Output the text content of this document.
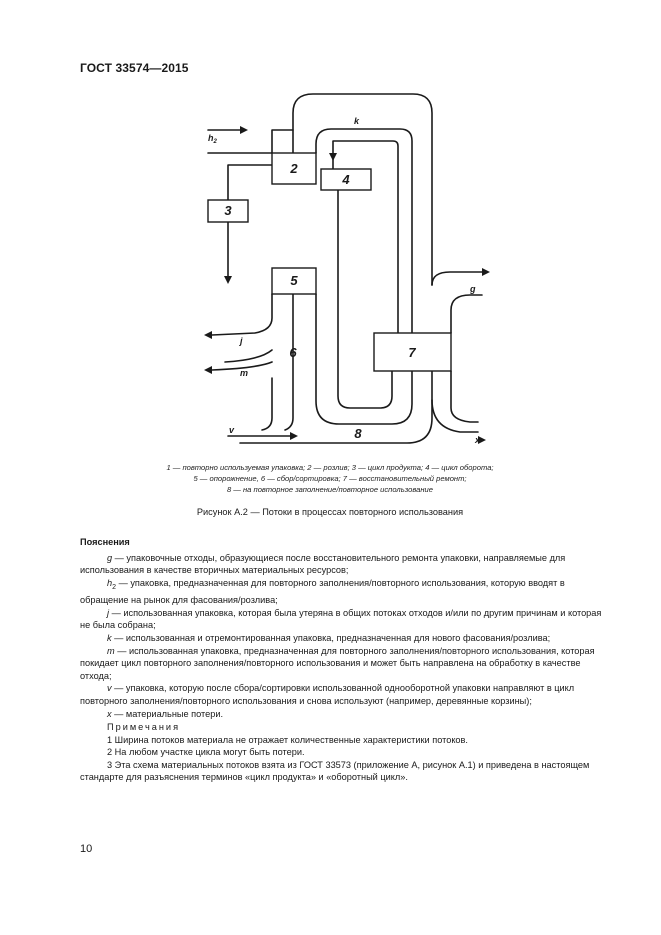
ГОСТ 33574—2015
2
3
4
5
7
6
8
k
$h_2$
g
j
m
v
x
1 — повторно используемая упаковка; 2 — розлив; 3 — цикл продукта; 4 — цикл оборота;
5 — опорожнение, 6 — сбор/сортировка; 7 — восстановительный ремонт;
8 — на повторное заполнение/повторное использование
Рисунок А.2 — Потоки в процессах повторного использования

Пояснения

g — упаковочные отходы, образующиеся после восстановительного ремонта упаковки, направляемые для использования в качестве вторичных материальных ресурсов;

$h_2$ — упаковка, предназначенная для повторного заполнения/повторного использования, которую вводят в обращение на рынок для фасования/розлива;

j — использованная упаковка, которая была утеряна в общих потоках отходов и/или по другим причинам и которая не была собрана;

k — использованная и отремонтированная упаковка, предназначенная для нового фасования/розлива;

m — использованная упаковка, предназначенная для повторного заполнения/повторного использования, которая покидает цикл повторного заполнения/повторного использования и может быть направлена на обработку в качестве отхода;

v — упаковка, которую после сбора/сортировки использованной одноoборотной упаковки направляют в цикл повторного заполнения/повторного использования и снова используют (например, деревянные корзины);

x — материальные потери.

Примечания

1 Ширина потоков материала не отражает количественные характеристики потоков.

2 На любом участке цикла могут быть потери.

3 Эта схема материальных потоков взята из ГОСТ 33573 (приложение А, рисунок А.1) и приведена в настоящем стандарте для разъяснения терминов «цикл продукта» и «оборотный цикл».

10
